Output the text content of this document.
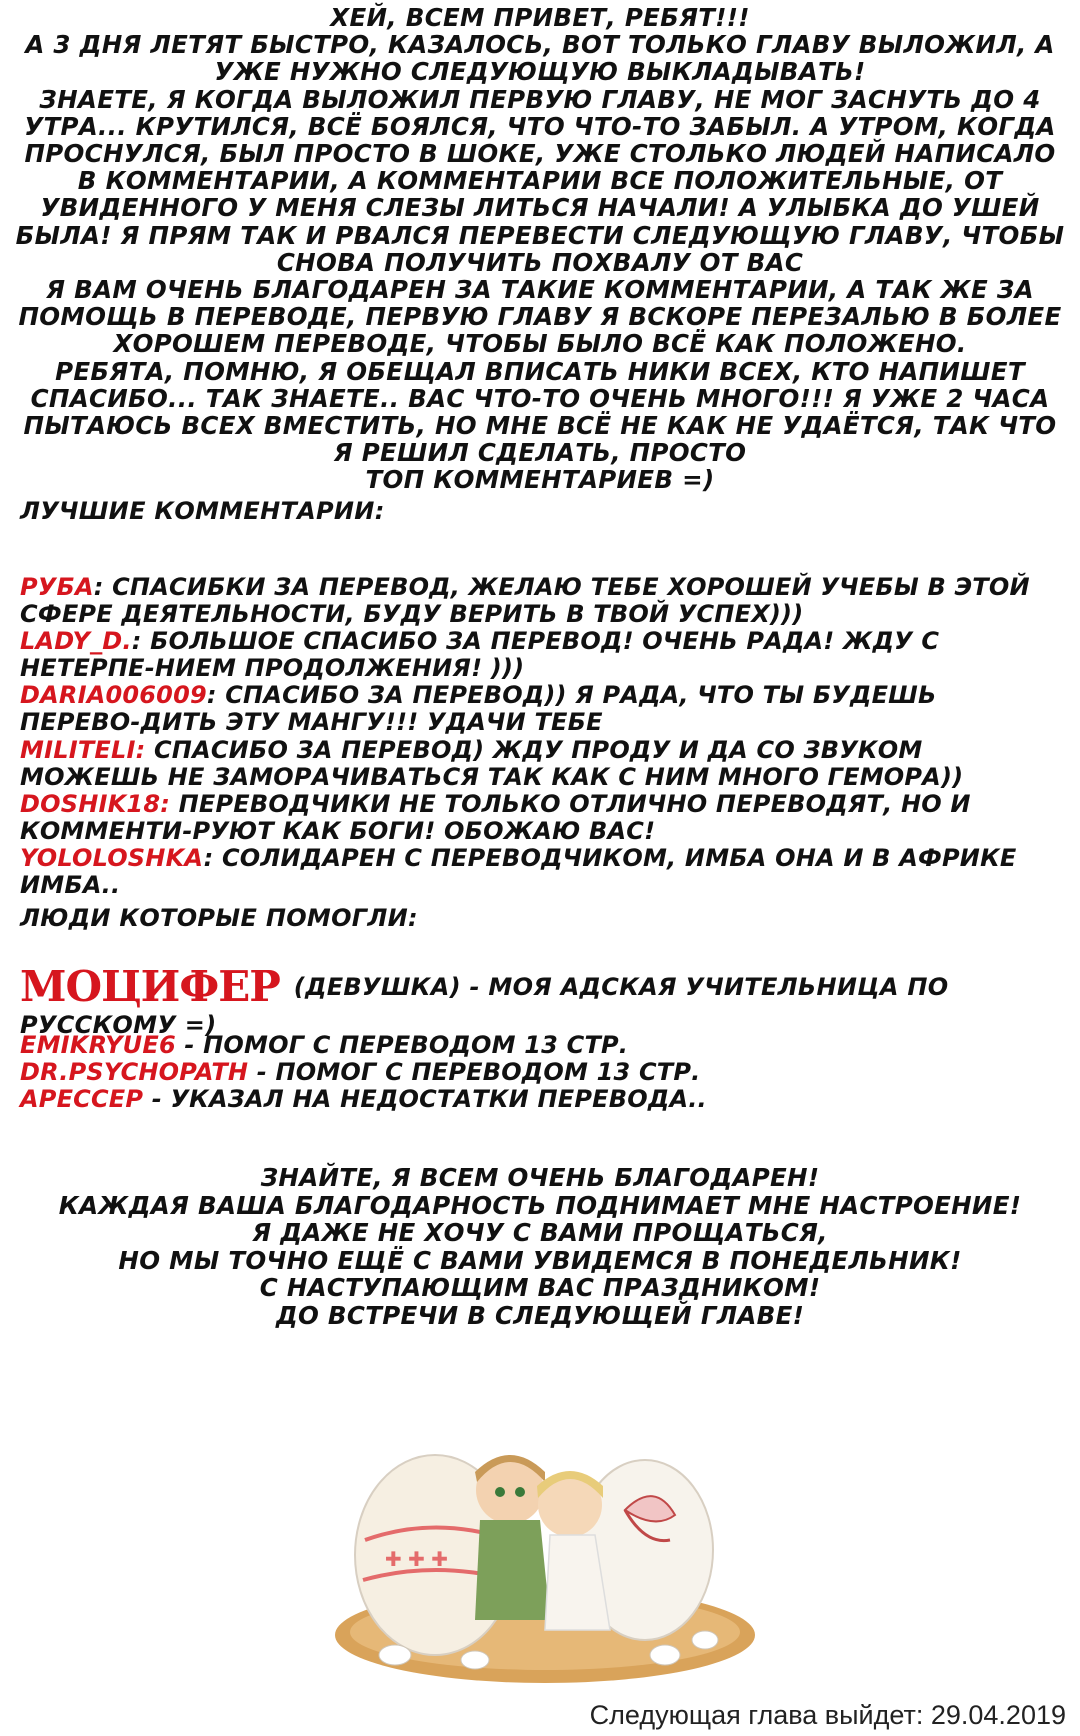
ХЕЙ, ВСЕМ ПРИВЕТ, РЕБЯТ!!!

А 3 ДНЯ ЛЕТЯТ БЫСТРО, КАЗАЛОСЬ, ВОТ ТОЛЬКО ГЛАВУ ВЫЛОЖИЛ, А УЖЕ НУЖНО СЛЕДУЮЩУЮ ВЫКЛАДЫВАТЬ!

ЗНАЕТЕ, Я КОГДА ВЫЛОЖИЛ ПЕРВУЮ ГЛАВУ, НЕ МОГ ЗАСНУТЬ ДО 4 УТРА... КРУТИЛСЯ, ВСЁ БОЯЛСЯ, ЧТО ЧТО-ТО ЗАБЫЛ. А УТРОМ, КОГДА ПРОСНУЛСЯ, БЫЛ ПРОСТО В ШОКЕ, УЖЕ СТОЛЬКО ЛЮДЕЙ НАПИСАЛО В КОММЕНТАРИИ, А КОММЕНТАРИИ ВСЕ ПОЛОЖИТЕЛЬНЫЕ, ОТ УВИДЕННОГО У МЕНЯ СЛЕЗЫ ЛИТЬСЯ НАЧАЛИ! А УЛЫБКА ДО УШЕЙ БЫЛА! Я ПРЯМ ТАК И РВАЛСЯ ПЕРЕВЕСТИ СЛЕДУЮЩУЮ ГЛАВУ, ЧТОБЫ СНОВА ПОЛУЧИТЬ ПОХВАЛУ ОТ ВАС

Я ВАМ ОЧЕНЬ БЛАГОДАРЕН ЗА ТАКИЕ КОММЕНТАРИИ, А ТАК ЖЕ ЗА ПОМОЩЬ В ПЕРЕВОДЕ, ПЕРВУЮ ГЛАВУ Я ВСКОРЕ ПЕРЕЗАЛЬЮ В БОЛЕЕ ХОРОШЕМ ПЕРЕВОДЕ, ЧТОБЫ БЫЛО ВСЁ КАК ПОЛОЖЕНО.

РЕБЯТА, ПОМНЮ, Я ОБЕЩАЛ ВПИСАТЬ НИКИ ВСЕХ, КТО НАПИШЕТ СПАСИБО... ТАК ЗНАЕТЕ.. ВАС ЧТО-ТО ОЧЕНЬ МНОГО!!! Я УЖЕ 2 ЧАСА ПЫТАЮСЬ ВСЕХ ВМЕСТИТЬ, НО МНЕ ВСЁ НЕ КАК НЕ УДАЁТСЯ, ТАК ЧТО Я РЕШИЛ СДЕЛАТЬ, ПРОСТО

ТОП КОММЕНТАРИЕВ =)

ЛУЧШИЕ КОММЕНТАРИИ:

РУБА: СПАСИБКИ ЗА ПЕРЕВОД, ЖЕЛАЮ ТЕБЕ ХОРОШЕЙ УЧЕБЫ В ЭТОЙ СФЕРЕ ДЕЯТЕЛЬНОСТИ, БУДУ ВЕРИТЬ В ТВОЙ УСПЕХ)))

LADY_D.: БОЛЬШОЕ СПАСИБО ЗА ПЕРЕВОД! ОЧЕНЬ РАДА! ЖДУ С НЕТЕРПЕ-НИЕМ ПРОДОЛЖЕНИЯ! )))

DARIA006009: СПАСИБО ЗА ПЕРЕВОД)) Я РАДА, ЧТО ТЫ БУДЕШЬ ПЕРЕВО-ДИТЬ ЭТУ МАНГУ!!! УДАЧИ ТЕБЕ

MILITELI: СПАСИБО ЗА ПЕРЕВОД) ЖДУ ПРОДУ И ДА СО ЗВУКОМ МОЖЕШЬ НЕ ЗАМОРАЧИВАТЬСЯ ТАК КАК С НИМ МНОГО ГЕМОРА))

DOSHIK18: ПЕРЕВОДЧИКИ НЕ ТОЛЬКО ОТЛИЧНО ПЕРЕВОДЯТ, НО И КОММЕНТИ-РУЮТ КАК БОГИ! ОБОЖАЮ ВАС!

YOLOLOSHKA: СОЛИДАРЕН С ПЕРЕВОДЧИКОМ, ИМБА ОНА И В АФРИКЕ ИМБА..

ЛЮДИ КОТОРЫЕ ПОМОГЛИ:
МОЦИФЕР (ДЕВУШКА) - МОЯ АДСКАЯ УЧИТЕЛЬНИЦА ПО РУССКОМУ =)

EMIKRYUE6 - ПОМОГ С ПЕРЕВОДОМ 13 СТР.

DR.PSYCHOPATH - ПОМОГ С ПЕРЕВОДОМ 13 СТР.

АРЕССЕР - УКАЗАЛ НА НЕДОСТАТКИ ПЕРЕВОДА..

ЗНАЙТЕ, Я ВСЕМ ОЧЕНЬ БЛАГОДАРЕН!

КАЖДАЯ ВАША БЛАГОДАРНОСТЬ ПОДНИМАЕТ МНЕ НАСТРОЕНИЕ!

Я ДАЖЕ НЕ ХОЧУ С ВАМИ ПРОЩАТЬСЯ,

НО МЫ ТОЧНО ЕЩЁ С ВАМИ УВИДЕМСЯ В ПОНЕДЕЛЬНИК!

С НАСТУПАЮЩИМ ВАС ПРАЗДНИКОМ!

ДО ВСТРЕЧИ В СЛЕДУЮЩЕЙ ГЛАВЕ!

✚ ✚ ✚
Следующая глава выйдет: 29.04.2019
